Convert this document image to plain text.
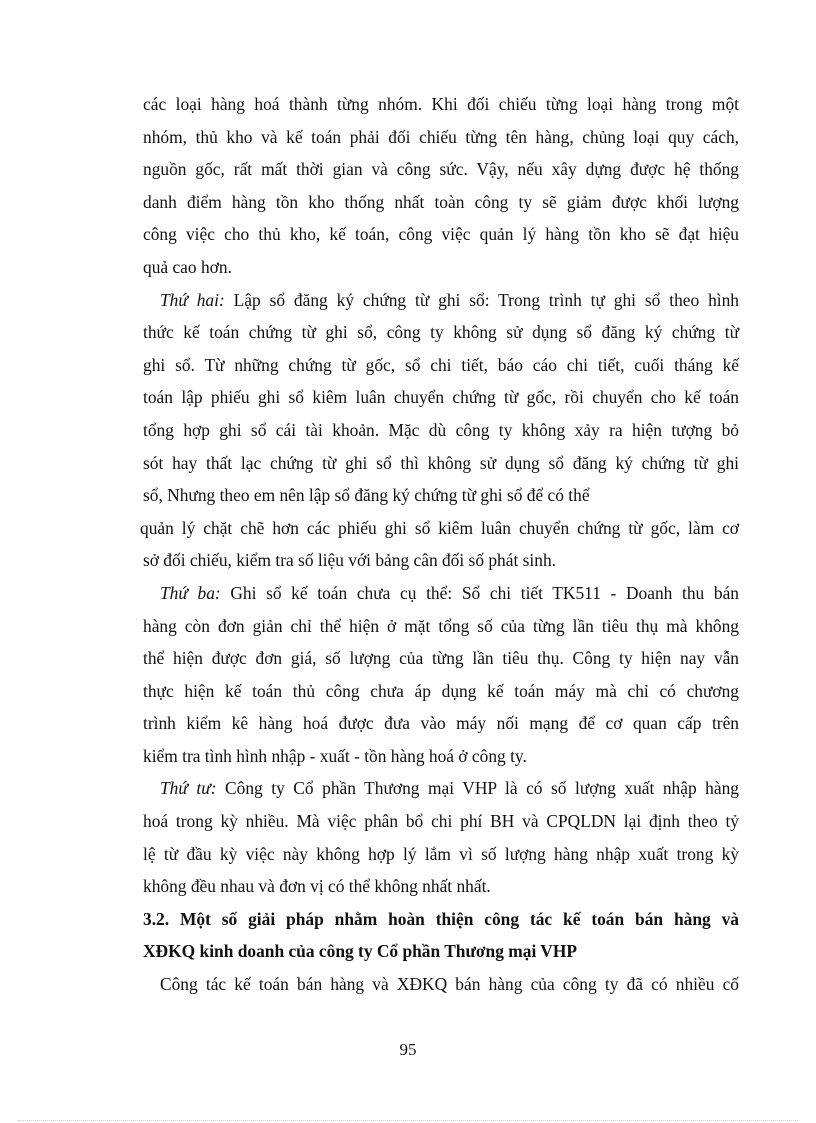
các loại hàng hoá thành từng nhóm. Khi đối chiếu từng loại hàng trong một
nhóm, thủ kho và kế toán phải đối chiếu từng tên hàng, chủng loại quy cách,
nguồn gốc, rất mất thời gian và công sức. Vậy, nếu xây dựng được hệ thống
danh điểm hàng tồn kho thống nhất toàn công ty sẽ giảm được khối lượng
công việc cho thủ kho, kế toán, công việc quản lý hàng tồn kho sẽ đạt hiệu
quả cao hơn.
Thứ hai: Lập sổ đăng ký chứng từ ghi sổ: Trong trình tự ghi sổ theo hình
thức kế toán chứng từ ghi sổ, công ty không sử dụng sổ đăng ký chứng từ
ghi sổ. Từ những chứng từ gốc, sổ chi tiết, báo cáo chi tiết, cuối tháng kế
toán lập phiếu ghi sổ kiêm luân chuyển chứng từ gốc, rồi chuyển cho kế toán
tổng hợp ghi sổ cái tài khoản. Mặc dù công ty không xảy ra hiện tượng bỏ
sót hay thất lạc chứng từ ghi sổ thì không sử dụng sổ đăng ký chứng từ ghi
sổ, Nhưng theo em nên lập sổ đăng ký chứng từ ghi sổ để có thể
quản lý chặt chẽ hơn các phiếu ghi sổ kiêm luân chuyển chứng từ gốc, làm cơ
sở đối chiếu, kiểm tra số liệu với bảng cân đối số phát sinh.
Thứ ba: Ghi sổ kế toán chưa cụ thể: Sổ chi tiết TK511 - Doanh thu bán
hàng còn đơn giản chỉ thể hiện ở mặt tổng số của từng lần tiêu thụ mà không
thể hiện được đơn giá, số lượng của từng lần tiêu thụ. Công ty hiện nay vẫn
thực hiện kế toán thủ công chưa áp dụng kế toán máy mà chỉ có chương
trình kiểm kê hàng hoá được đưa vào máy nối mạng để cơ quan cấp trên
kiểm tra tình hình nhập - xuất - tồn hàng hoá ở công ty.
Thứ tư: Công ty Cổ phần Thương mại VHP là có số lượng xuất nhập hàng
hoá trong kỳ nhiều. Mà việc phân bổ chi phí BH và CPQLDN lại định theo tỷ
lệ từ đầu kỳ việc này không hợp lý lắm vì số lượng hàng nhập xuất trong kỳ
không đều nhau và đơn vị có thể không nhất nhất.
3.2. Một số giải pháp nhằm hoàn thiện công tác kế toán bán hàng và
XĐKQ kinh doanh của công ty Cổ phần Thương mại VHP
Công tác kế toán bán hàng và XĐKQ bán hàng của công ty đã có nhiều cố
95
